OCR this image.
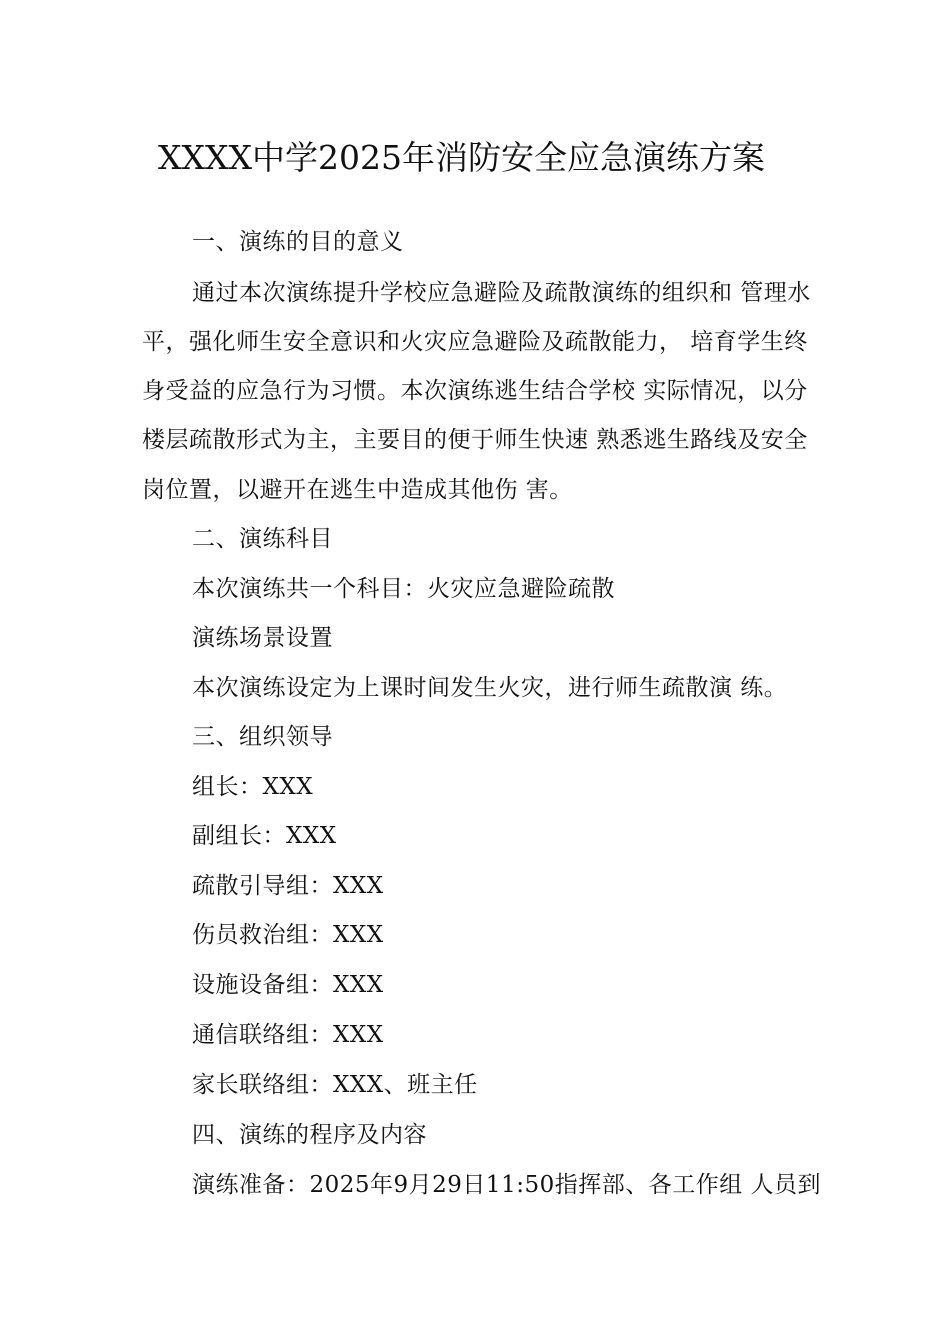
XXXX中学2025年消防安全应急演练方案
一、演练的目的意义
通过本次演练提升学校应急避险及疏散演练的组织和 管理水
平，强化师生安全意识和火灾应急避险及疏散能力， 培育学生终
身受益的应急行为习惯。本次演练逃生结合学校 实际情况，以分
楼层疏散形式为主，主要目的便于师生快速 熟悉逃生路线及安全
岗位置，以避开在逃生中造成其他伤 害。
二、演练科目
本次演练共一个科目：火灾应急避险疏散
演练场景设置
本次演练设定为上课时间发生火灾，进行师生疏散演 练。
三、组织领导
组长：XXX
副组长：XXX
疏散引导组：XXX
伤员救治组：XXX
设施设备组：XXX
通信联络组：XXX
家长联络组：XXX、班主任
四、演练的程序及内容
演练准备：2025年9月29日11:50指挥部、各工作组 人员到
